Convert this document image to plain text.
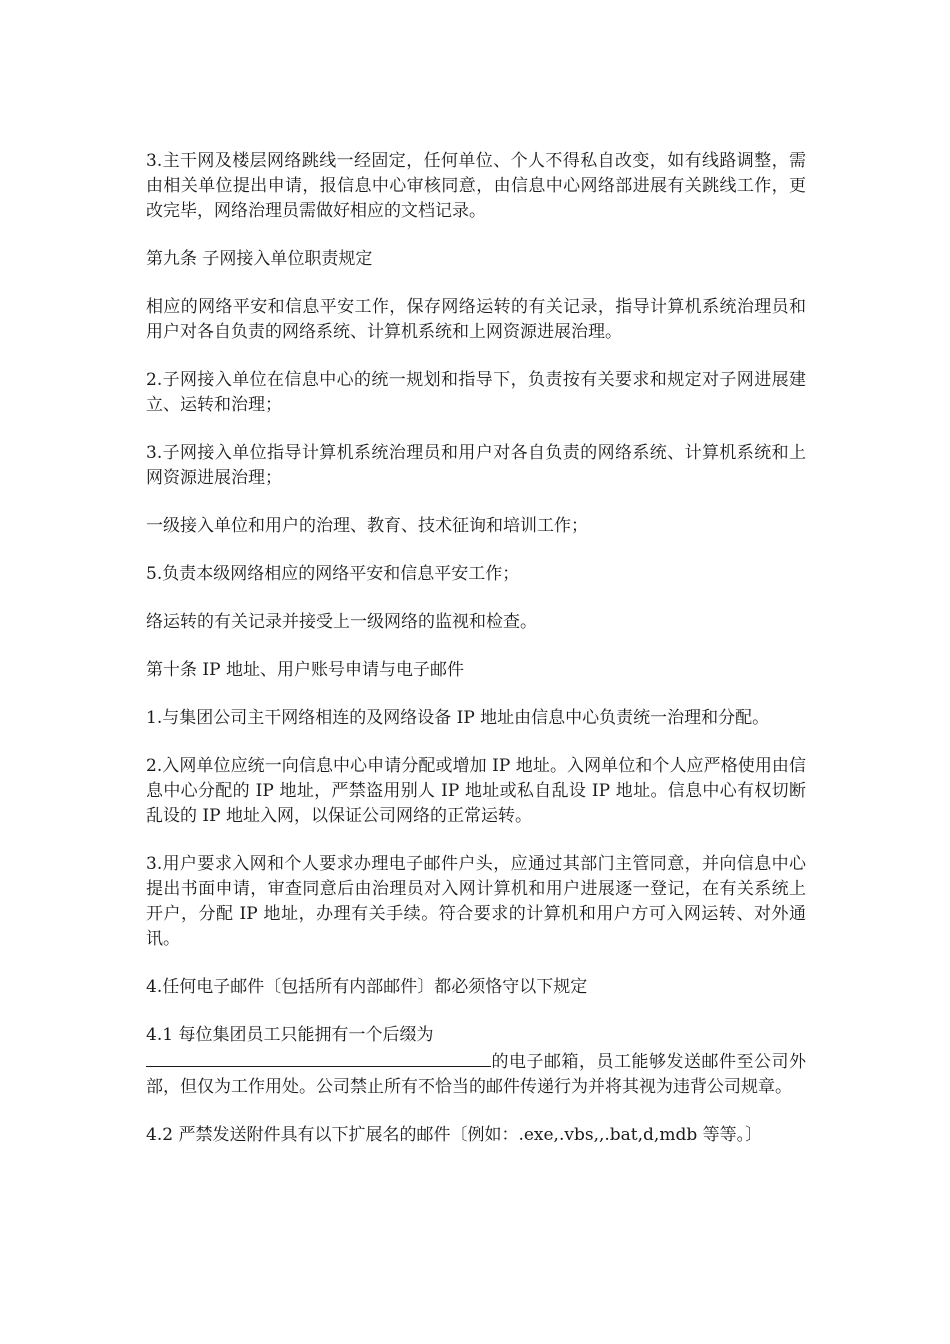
3.主干网及楼层网络跳线一经固定，任何单位、个人不得私自改变，如有线路调整，需由相关单位提出申请，报信息中心审核同意，由信息中心网络部进展有关跳线工作，更改完毕，网络治理员需做好相应的文档记录。

第九条 子网接入单位职责规定

相应的网络平安和信息平安工作，保存网络运转的有关记录，指导计算机系统治理员和用户对各自负责的网络系统、计算机系统和上网资源进展治理。

2.子网接入单位在信息中心的统一规划和指导下，负责按有关要求和规定对子网进展建立、运转和治理；

3.子网接入单位指导计算机系统治理员和用户对各自负责的网络系统、计算机系统和上网资源进展治理；

一级接入单位和用户的治理、教育、技术征询和培训工作；

5.负责本级网络相应的网络平安和信息平安工作；

络运转的有关记录并接受上一级网络的监视和检查。

第十条 IP 地址、用户账号申请与电子邮件

1.与集团公司主干网络相连的及网络设备 IP 地址由信息中心负责统一治理和分配。

2.入网单位应统一向信息中心申请分配或增加 IP 地址。入网单位和个人应严格使用由信息中心分配的 IP 地址，严禁盗用别人 IP 地址或私自乱设 IP 地址。信息中心有权切断乱设的 IP 地址入网，以保证公司网络的正常运转。

3.用户要求入网和个人要求办理电子邮件户头，应通过其部门主管同意，并向信息中心提出书面申请，审查同意后由治理员对入网计算机和用户进展逐一登记，在有关系统上开户，分配 IP 地址，办理有关手续。符合要求的计算机和用户方可入网运转、对外通讯。

4.任何电子邮件〔包括所有内部邮件〕都必须恪守以下规定

4.1 每位集团员工只能拥有一个后缀为
的电子邮箱，员工能够发送邮件至公司外部，但仅为工作用处。公司禁止所有不恰当的邮件传递行为并将其视为违背公司规章。

4.2 严禁发送附件具有以下扩展名的邮件〔例如：.exe,.vbs,,.bat,d,mdb 等等。〕
